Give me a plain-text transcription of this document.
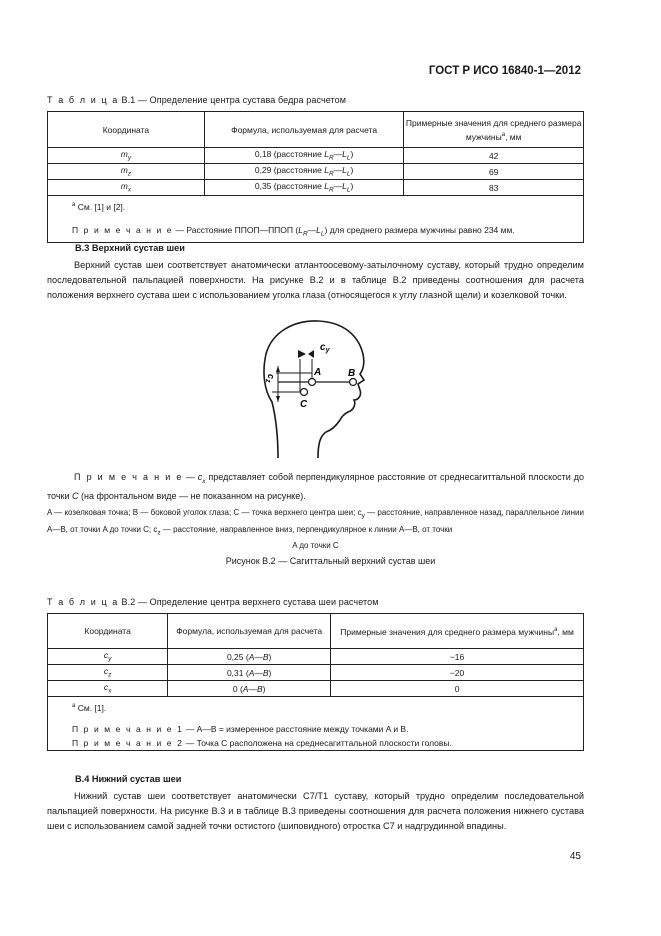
ГОСТ Р ИСО 16840-1—2012
Т а б л и ц а В.1 — Определение центра сустава бедра расчетом
Координата	Формула, используемая для расчета	Примерные значения для среднего размера мужчины$^а$, мм
$m_y$	0,18 (расстояние $L_R—L_L$)	42
$m_z$	0,29 (расстояние $L_R—L_L$)	69
$m_x$	0,35 (расстояние $L_R—L_L$)	83

$^а$ См. [1] и [2].
П р и м е ч а н и е — Расстояние ППОП—ППОП $(L_R—L_L)$ для среднего размера мужчины равно 234 мм.		
В.3 Верхний сустав шеи
Верхний сустав шеи соответствует анатомически атлантоосевому-затылочному суставу, который трудно определим последовательной пальпацией поверхности. На рисунке В.2 и в таблице В.2 приведены соотношения для расчета положения верхнего сустава шеи с использованием уголка глаза (относящегося к углу глазной щели) и козелковой точки.
$c_y$
$c_z$
A	B
C
П р и м е ч а н и е — $c_x$ представляет собой перпендикулярное расстояние от среднесагиттальной плоскости до точки C (на фронтальном виде — не показанном на рисунке).
A — козелковая точка; B — боковой уголок глаза; C — точка верхнего центра шеи; $c_y$ — расстояние, направленное назад, параллельное линии A—B, от точки A до точки C; $c_z$ — расстояние, направленное вниз, перпендикулярное к линии A—B, от точки
A до точки C
Рисунок В.2 — Сагиттальный верхний сустав шеи
Т а б л и ц а В.2 — Определение центра верхнего сустава шеи расчетом
Координата	Формула, используемая для расчета	Примерные значения для среднего размера мужчины$^а$, мм
$c_y$	0,25 (A—B)	−16
$c_z$	0,31 (A—B)	−20
$c_x$	0 (A—B)	0

$^а$ См. [1].
П р и м е ч а н и е 1 — A—B = измеренное расстояние между точками A и B.
П р и м е ч а н и е 2 — Точка C расположена на среднесагиттальной плоскости головы.		
В.4 Нижний сустав шеи
Нижний сустав шеи соответствует анатомически C7/T1 суставу, который трудно определим последовательной пальпацией поверхности. На рисунке В.3 и в таблице В.3 приведены соотношения для расчета положения нижнего сустава шеи с использованием самой задней точки остистого (шиповидного) отростка C7 и надгрудинной впадины.
45
